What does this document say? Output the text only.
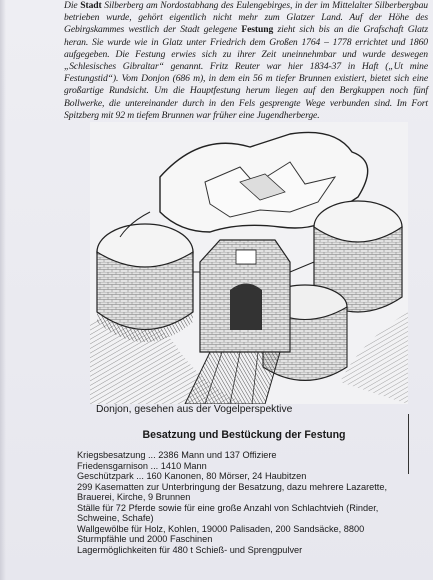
Die Stadt Silberberg am Nordostabhang des Eulengebirges, in der im Mittelalter Silberbergbau betrieben wurde, gehört eigentlich nicht mehr zum Glatzer Land. Auf der Höhe des Gebirgskammes westlich der Stadt gelegene Festung zieht sich bis an die Grafschaft Glatz heran. Sie wurde wie in Glatz unter Friedrich dem Großen 1764 – 1778 errichtet und 1860 aufgegeben. Die Festung erwies sich zu ihrer Zeit uneinnehmbar und wurde deswegen „Schlesisches Gibraltar“ genannt. Fritz Reuter war hier 1834-37 in Haft („Ut mine Festungstid“). Vom Donjon (686 m), in dem ein 56 m tiefer Brunnen existiert, bietet sich eine großartige Rundsicht. Um die Hauptfestung herum liegen auf den Bergkuppen noch fünf Bollwerke, die untereinander durch in den Fels gesprengte Wege verbunden sind. Im Fort Spitzberg mit 92 m tiefem Brunnen war früher eine Jugendherberge.
Donjon, gesehen aus der Vogelperspektive
Besatzung und Bestückung der Festung
Kriegsbesatzung ... 2386 Mann und 137 Offiziere
Friedensgarnison ... 1410 Mann
Geschützpark ... 160 Kanonen, 80 Mörser, 24 Haubitzen
299 Kasematten zur Unterbringung der Besatzung, dazu mehrere Lazarette, Brauerei, Kirche, 9 Brunnen
Ställe für 72 Pferde sowie für eine große Anzahl von Schlachtvieh (Rinder, Schweine, Schafe)
Wallgewölbe für Holz, Kohlen, 19000 Palisaden, 200 Sandsäcke, 8800 Sturmpfähle und 2000 Faschinen
Lagermöglichkeiten für 480 t Schieß- und Sprengpulver
